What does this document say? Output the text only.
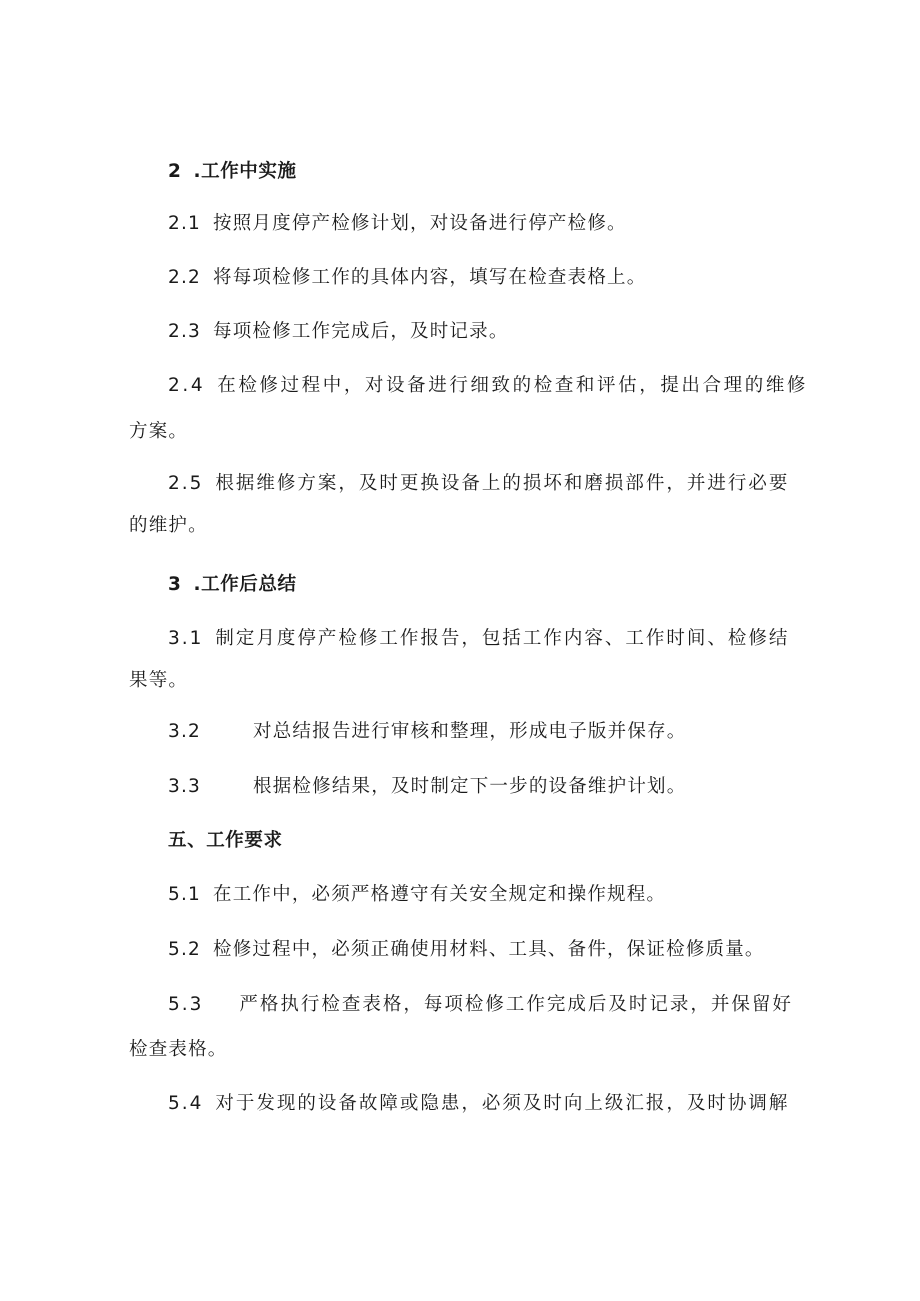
2 .工作中实施
2.1 按照月度停产检修计划，对设备进行停产检修。
2.2 将每项检修工作的具体内容，填写在检查表格上。
2.3 每项检修工作完成后，及时记录。
2.4 在检修过程中，对设备进行细致的检查和评估，提出合理的维修
方案。
2.5 根据维修方案，及时更换设备上的损坏和磨损部件，并进行必要
的维护。
3 .工作后总结
3.1 制定月度停产检修工作报告，包括工作内容、工作时间、检修结
果等。
3.2	对总结报告进行审核和整理，形成电子版并保存。
3.3	根据检修结果，及时制定下一步的设备维护计划。
五、工作要求
5.1 在工作中，必须严格遵守有关安全规定和操作规程。
5.2 检修过程中，必须正确使用材料、工具、备件，保证检修质量。
5.3 严格执行检查表格，每项检修工作完成后及时记录，并保留好
检查表格。
5.4 对于发现的设备故障或隐患，必须及时向上级汇报，及时协调解
